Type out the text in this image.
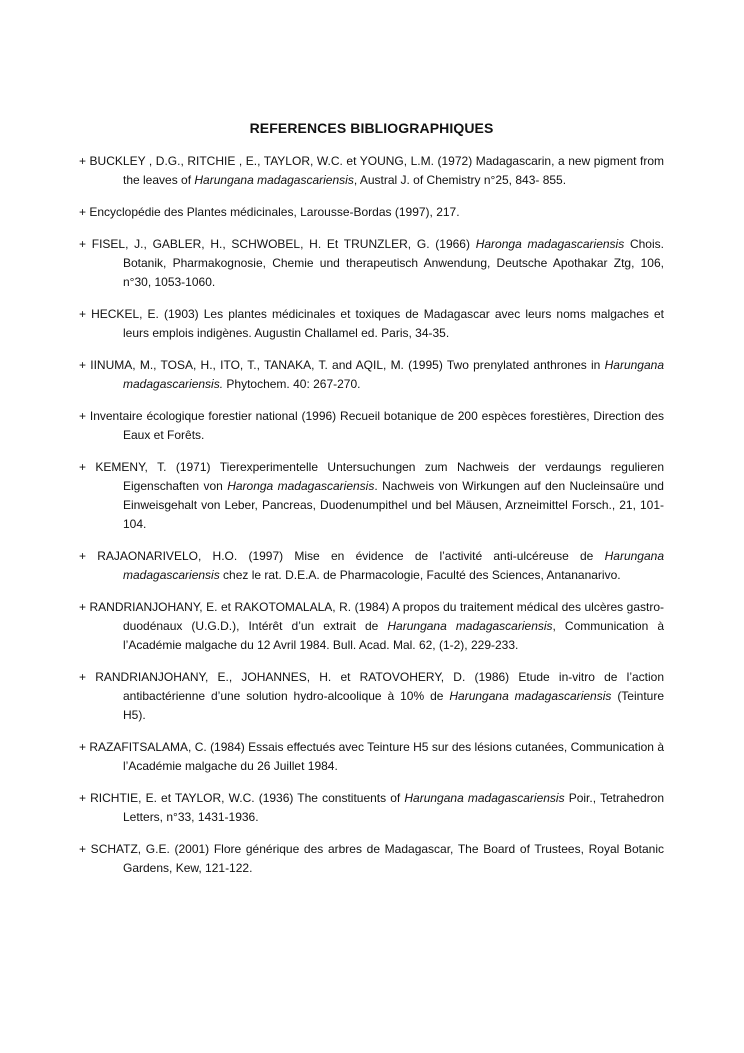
REFERENCES BIBLIOGRAPHIQUES
+ BUCKLEY , D.G., RITCHIE , E., TAYLOR, W.C. et YOUNG, L.M. (1972) Madagascarin, a new pigment from the leaves of Harungana madagascariensis, Austral J. of Chemistry n°25, 843- 855.
+ Encyclopédie des Plantes médicinales, Larousse-Bordas (1997), 217.
+ FISEL, J., GABLER, H., SCHWOBEL, H. Et TRUNZLER, G. (1966) Haronga madagascariensis Chois. Botanik, Pharmakognosie, Chemie und therapeutisch Anwendung, Deutsche Apothakar Ztg, 106, n°30, 1053-1060.
+ HECKEL, E. (1903) Les plantes médicinales et toxiques de Madagascar avec leurs noms malgaches et leurs emplois indigènes. Augustin Challamel ed. Paris, 34-35.
+ IINUMA, M., TOSA, H., ITO, T., TANAKA, T. and AQIL, M. (1995) Two prenylated anthrones in Harungana madagascariensis. Phytochem. 40: 267-270.
+ Inventaire écologique forestier national (1996) Recueil botanique de 200 espèces forestières, Direction des Eaux et Forêts.
+ KEMENY, T. (1971) Tierexperimentelle Untersuchungen zum Nachweis der verdaungs regulieren Eigenschaften von Haronga madagascariensis. Nachweis von Wirkungen auf den Nucleinsaüre und Einweisgehalt von Leber, Pancreas, Duodenumpithel und bel Mäusen, Arzneimittel Forsch., 21, 101-104.
+ RAJAONARIVELO, H.O. (1997) Mise en évidence de l’activité anti-ulcéreuse de Harungana madagascariensis chez le rat. D.E.A. de Pharmacologie, Faculté des Sciences, Antananarivo.
+ RANDRIANJOHANY, E. et RAKOTOMALALA, R. (1984) A propos du traitement médical des ulcères gastro-duodénaux (U.G.D.), Intérêt d’un extrait de Harungana madagascariensis, Communication à l’Académie malgache du 12 Avril 1984. Bull. Acad. Mal. 62, (1-2), 229-233.
+ RANDRIANJOHANY, E., JOHANNES, H. et RATOVOHERY, D. (1986) Etude in-vitro de l’action antibactérienne d’une solution hydro-alcoolique à 10% de Harungana madagascariensis (Teinture H5).
+ RAZAFITSALAMA, C. (1984) Essais effectués avec Teinture H5 sur des lésions cutanées, Communication à l’Académie malgache du 26 Juillet 1984.
+ RICHTIE, E. et TAYLOR, W.C. (1936) The constituents of Harungana madagascariensis Poir., Tetrahedron Letters, n°33, 1431-1936.
+ SCHATZ, G.E. (2001) Flore générique des arbres de Madagascar, The Board of Trustees, Royal Botanic Gardens, Kew, 121-122.
